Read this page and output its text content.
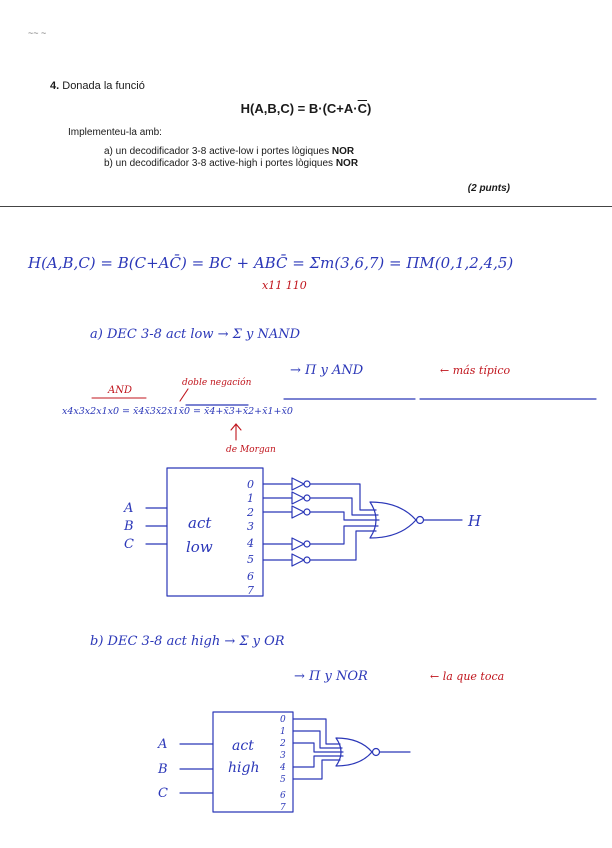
~~ ~
4. Donada la funció
$H(A,B,C) = B\cdot(C+A\cdot\overline{C})$
Implementeu-la amb:
a) un decodificador 3-8 active-low i portes lògiques NOR
b) un decodificador 3-8 active-high i portes lògiques NOR
(2 punts)
H(A,B,C) = B(C+AC̄) = BC + ABC̄ = Σm(3,6,7) = ΠM(0,1,2,4,5)
x11 110
a) DEC 3-8 act low → Σ y NAND
→ Π y AND	← más típico
AND
doble negación
x4x3x2x1x0 = x̄4x̄3x̄2x̄1x̄0 = x̄4+x̄3+x̄2+x̄1+x̄0
de Morgan
act
low
A
B
C
0
1
2
3
4
5
6
7
H
b) DEC 3-8 act high → Σ y OR
→ Π y NOR	← la que toca
act
high
A
B
C
0
1
2
3
4
5
6
7
